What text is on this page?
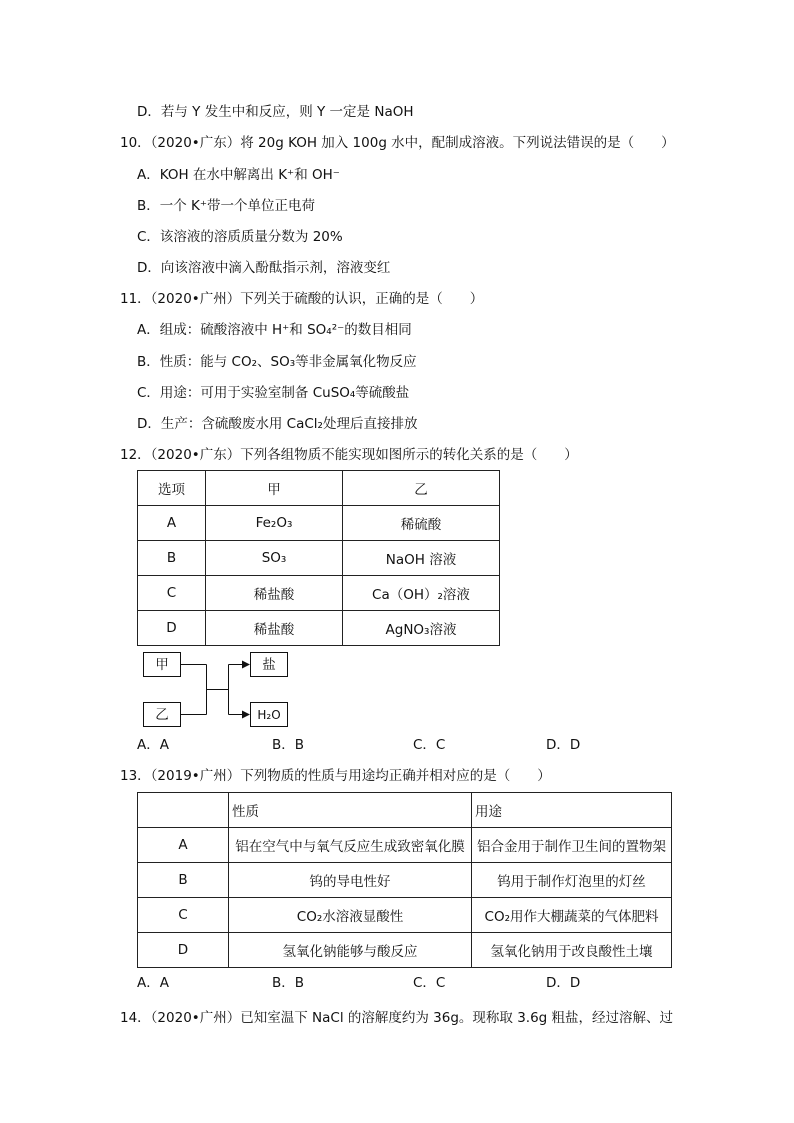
D．若与 Y 发生中和反应，则 Y 一定是 NaOH
10．（2020•广东）将 20g KOH 加入 100g 水中，配制成溶液。下列说法错误的是（　　）
A．KOH 在水中解离出 K⁺和 OH⁻
B．一个 K⁺带一个单位正电荷
C．该溶液的溶质质量分数为 20%
D．向该溶液中滴入酚酞指示剂，溶液变红
11．（2020•广州）下列关于硫酸的认识，正确的是（　　）
A．组成：硫酸溶液中 H⁺和 SO₄²⁻的数目相同
B．性质：能与 CO₂、SO₃等非金属氧化物反应
C．用途：可用于实验室制备 CuSO₄等硫酸盐
D．生产：含硫酸废水用 CaCl₂处理后直接排放
12．（2020•广东）下列各组物质不能实现如图所示的转化关系的是（　　）
选项	甲	乙
A	Fe₂O₃	稀硫酸
B	SO₃	NaOH 溶液
C	稀盐酸	Ca（OH）₂溶液
D	稀盐酸	AgNO₃溶液
甲
乙
盐
H₂O
A．A	B．B	C．C	D．D
13．（2019•广州）下列物质的性质与用途均正确并相对应的是（　　）
	性质	用途
A	铝在空气中与氧气反应生成致密氧化膜	铝合金用于制作卫生间的置物架
B	钨的导电性好	钨用于制作灯泡里的灯丝
C	CO₂水溶液显酸性	CO₂用作大棚蔬菜的气体肥料
D	氢氧化钠能够与酸反应	氢氧化钠用于改良酸性土壤
A．A	B．B	C．C	D．D
14．（2020•广州）已知室温下 NaCl 的溶解度约为 36g。现称取 3.6g 粗盐，经过溶解、过
